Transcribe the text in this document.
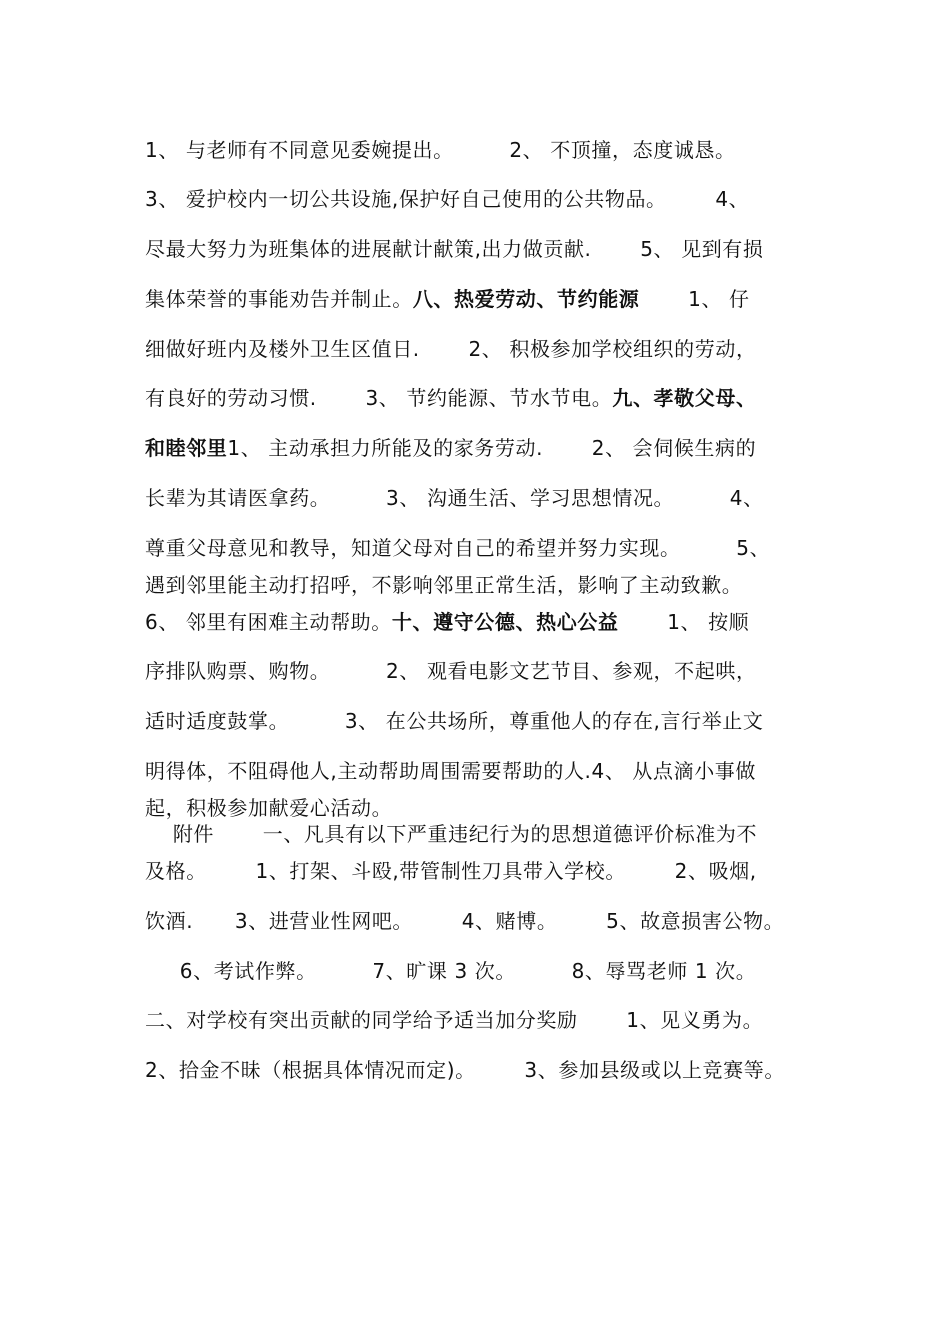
1、 与老师有不同意见委婉提出。        2、 不顶撞，态度诚恳。
3、 爱护校内一切公共设施,保护好自己使用的公共物品。       4、
尽最大努力为班集体的进展献计献策,出力做贡献.       5、 见到有损
集体荣誉的事能劝告并制止。八、热爱劳动、节约能源       1、 仔
细做好班内及楼外卫生区值日.       2、 积极参加学校组织的劳动，
有良好的劳动习惯.       3、 节约能源、节水节电。九、孝敬父母、
和睦邻里1、 主动承担力所能及的家务劳动.       2、 会伺候生病的
长辈为其请医拿药。        3、 沟通生活、学习思想情况。        4、
尊重父母意见和教导，知道父母对自己的希望并努力实现。        5、
遇到邻里能主动打招呼，不影响邻里正常生活，影响了主动致歉。
6、 邻里有困难主动帮助。十、遵守公德、热心公益       1、 按顺
序排队购票、购物。        2、 观看电影文艺节目、参观，不起哄，
适时适度鼓掌。        3、 在公共场所，尊重他人的存在,言行举止文
明得体，不阻碍他人,主动帮助周围需要帮助的人.4、 从点滴小事做
起，积极参加献爱心活动。
附件       一、凡具有以下严重违纪行为的思想道德评价标准为不
及格。       1、打架、斗殴,带管制性刀具带入学校。       2、吸烟,
饮酒.      3、进营业性网吧。       4、赌博。       5、故意损害公物。
6、考试作弊。        7、旷课 3 次。        8、辱骂老师 1 次。
二、对学校有突出贡献的同学给予适当加分奖励       1、见义勇为。
2、拾金不昧（根据具体情况而定)。       3、参加县级或以上竞赛等。
